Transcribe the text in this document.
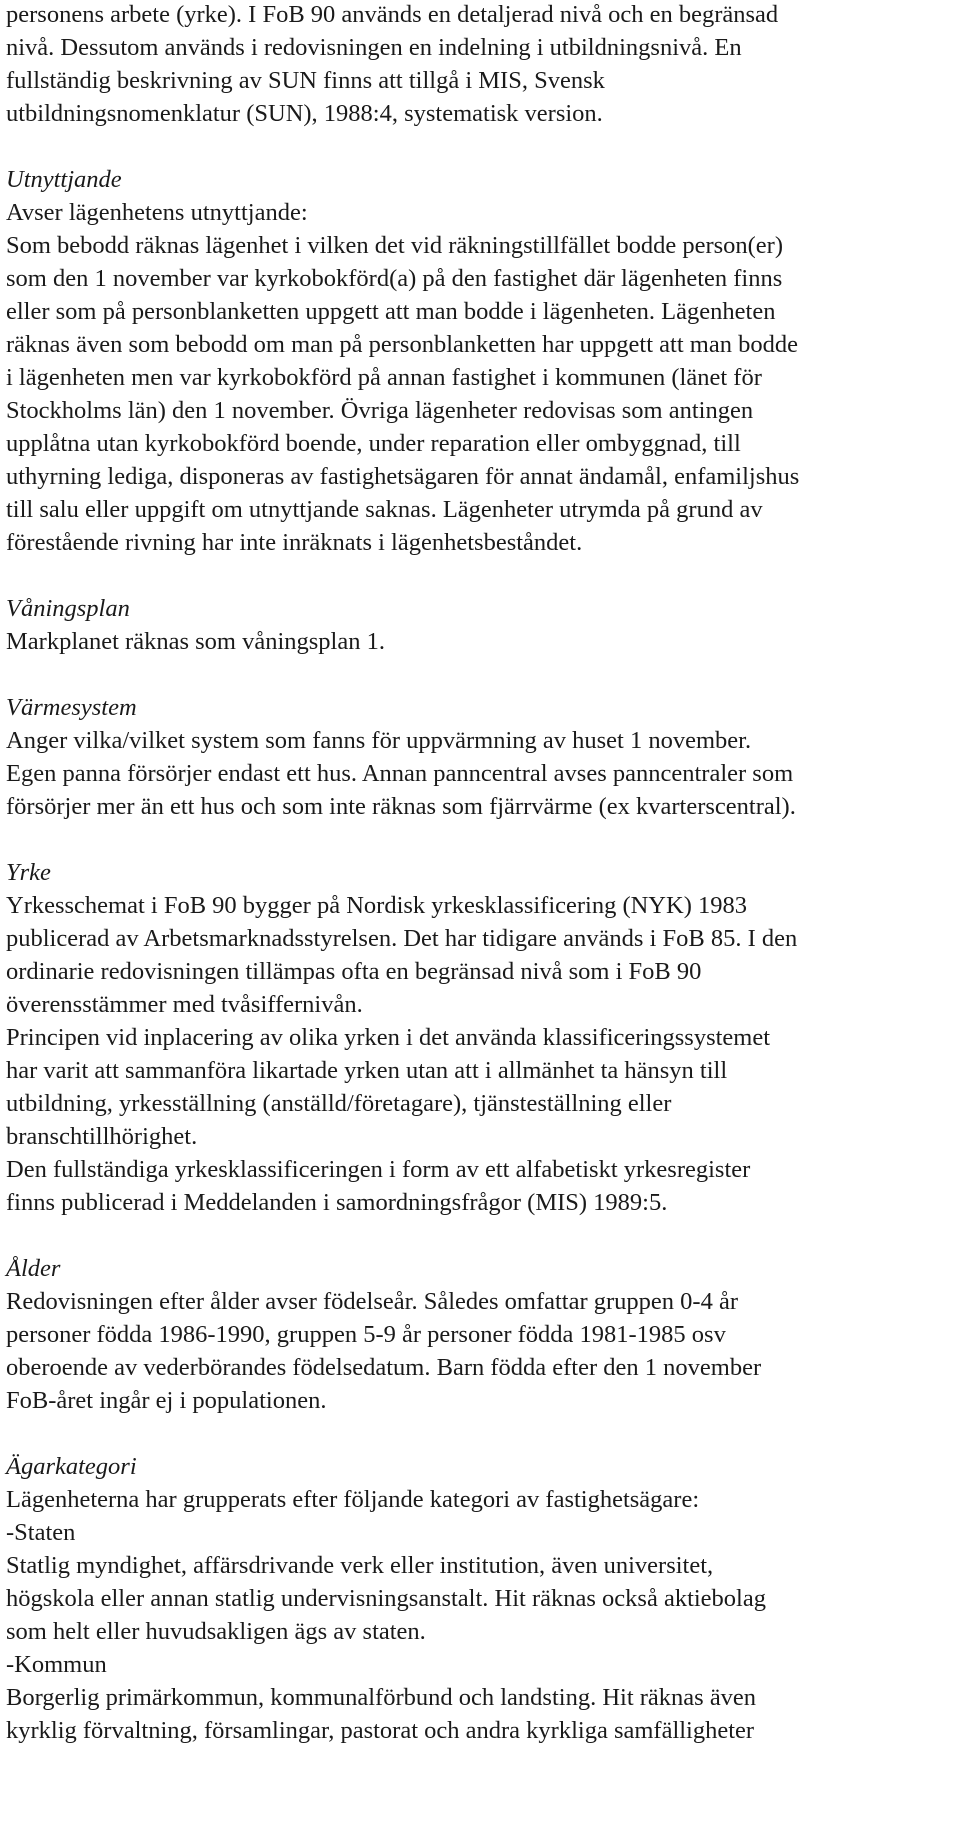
personens arbete (yrke). I FoB 90 används en detaljerad nivå och en begränsad
nivå. Dessutom används i redovisningen en indelning i utbildningsnivå. En
fullständig beskrivning av SUN finns att tillgå i MIS, Svensk
utbildningsnomenklatur (SUN), 1988:4, systematisk version.
Utnyttjande
Avser lägenhetens utnyttjande:
Som bebodd räknas lägenhet i vilken det vid räkningstillfället bodde person(er)
som den 1 november var kyrkobokförd(a) på den fastighet där lägenheten finns
eller som på personblanketten uppgett att man bodde i lägenheten. Lägenheten
räknas även som bebodd om man på personblanketten har uppgett att man bodde
i lägenheten men var kyrkobokförd på annan fastighet i kommunen (länet för
Stockholms län) den 1 november. Övriga lägenheter redovisas som antingen
upplåtna utan kyrkobokförd boende, under reparation eller ombyggnad, till
uthyrning lediga, disponeras av fastighetsägaren för annat ändamål, enfamiljshus
till salu eller uppgift om utnyttjande saknas. Lägenheter utrymda på grund av
förestående rivning har inte inräknats i lägenhetsbeståndet.
Våningsplan
Markplanet räknas som våningsplan 1.
Värmesystem
Anger vilka/vilket system som fanns för uppvärmning av huset 1 november.
Egen panna försörjer endast ett hus. Annan panncentral avses panncentraler som
försörjer mer än ett hus och som inte räknas som fjärrvärme (ex kvarterscentral).
Yrke
Yrkesschemat i FoB 90 bygger på Nordisk yrkesklassificering (NYK) 1983
publicerad av Arbetsmarknadsstyrelsen. Det har tidigare används i FoB 85. I den
ordinarie redovisningen tillämpas ofta en begränsad nivå som i FoB 90
överensstämmer med tvåsiffernivån.
Principen vid inplacering av olika yrken i det använda klassificeringssystemet
har varit att sammanföra likartade yrken utan att i allmänhet ta hänsyn till
utbildning, yrkesställning (anställd/företagare), tjänsteställning eller
branschtillhörighet.
Den fullständiga yrkesklassificeringen i form av ett alfabetiskt yrkesregister
finns publicerad i Meddelanden i samordningsfrågor (MIS) 1989:5.
Ålder
Redovisningen efter ålder avser födelseår. Således omfattar gruppen 0-4 år
personer födda 1986-1990, gruppen 5-9 år personer födda 1981-1985 osv
oberoende av vederbörandes födelsedatum. Barn födda efter den 1 november
FoB-året ingår ej i populationen.
Ägarkategori
Lägenheterna har grupperats efter följande kategori av fastighetsägare:
-Staten
Statlig myndighet, affärsdrivande verk eller institution, även universitet,
högskola eller annan statlig undervisningsanstalt. Hit räknas också aktiebolag
som helt eller huvudsakligen ägs av staten.
-Kommun
Borgerlig primärkommun, kommunalförbund och landsting. Hit räknas även
kyrklig förvaltning, församlingar, pastorat och andra kyrkliga samfälligheter
